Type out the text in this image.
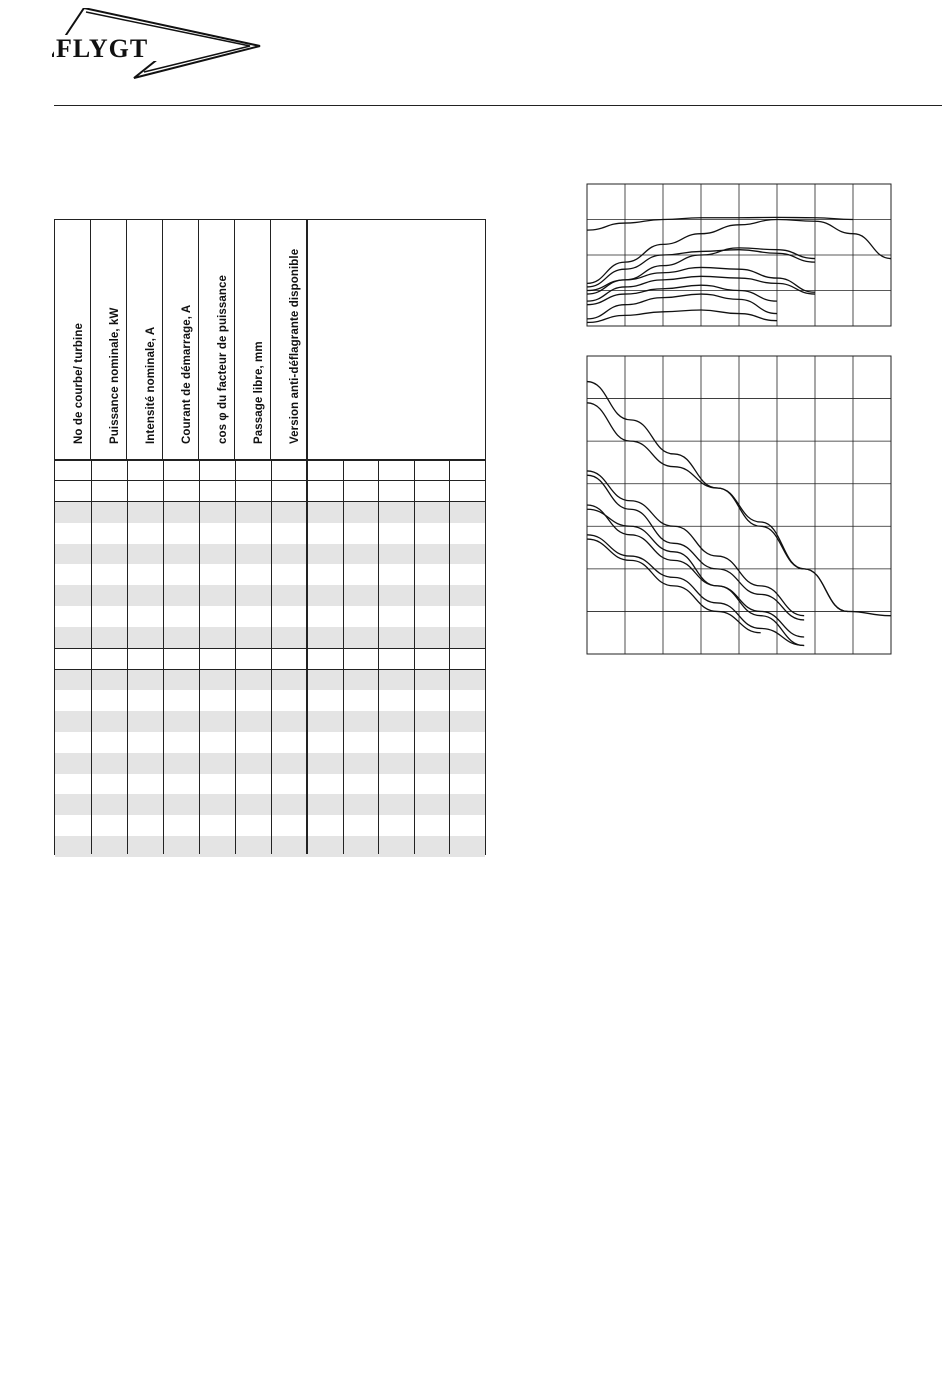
FLYGT
No de courbe/ turbine Puissance nominale, kW Intensité nominale, A Courant de démarrage, A cos φ du facteur de puissance Passage libre, mm Version anti-déflagrante disponible
